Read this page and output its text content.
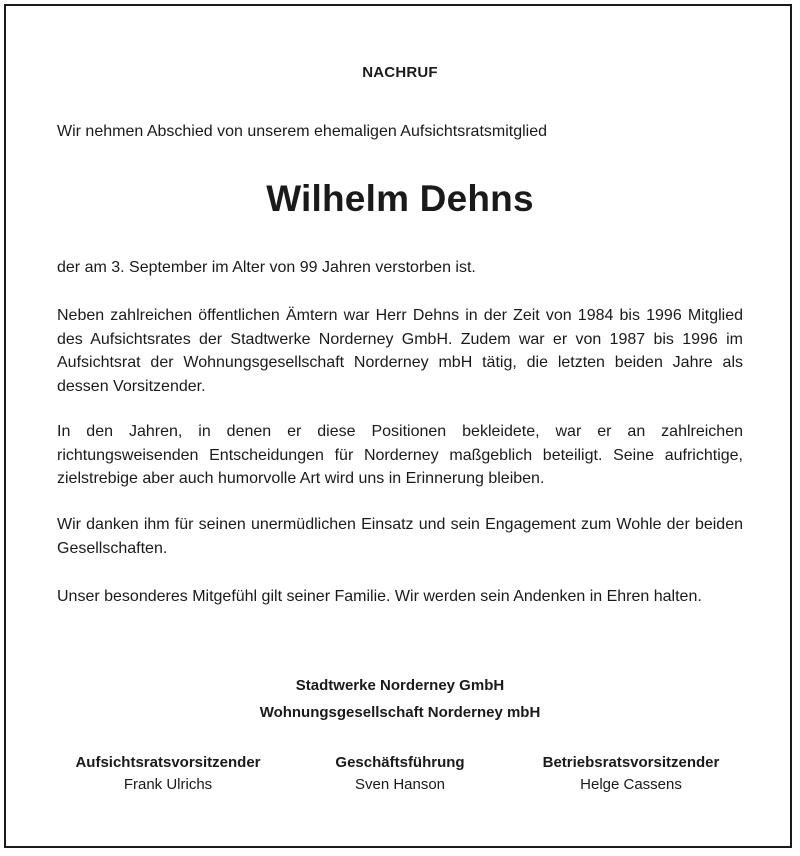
NACHRUF
Wir nehmen Abschied von unserem ehemaligen Aufsichtsratsmitglied
Wilhelm Dehns
der am 3. September im Alter von 99 Jahren verstorben ist.
Neben zahlreichen öffentlichen Ämtern war Herr Dehns in der Zeit von 1984 bis 1996 Mitglied des Aufsichtsrates der Stadtwerke Norderney GmbH. Zudem war er von 1987 bis 1996 im Aufsichtsrat der Wohnungsgesellschaft Norderney mbH tätig, die letzten beiden Jahre als dessen Vorsitzender.
In den Jahren, in denen er diese Positionen bekleidete, war er an zahlreichen richtungsweisenden Entscheidungen für Norderney maßgeblich beteiligt. Seine aufrichtige, zielstrebige aber auch humorvolle Art wird uns in Erinnerung bleiben.
Wir danken ihm für seinen unermüdlichen Einsatz und sein Engagement zum Wohle der beiden Gesellschaften.
Unser besonderes Mitgefühl gilt seiner Familie. Wir werden sein Andenken in Ehren halten.
Stadtwerke Norderney GmbH
Wohnungsgesellschaft Norderney mbH
Aufsichtsratsvorsitzender
Frank Ulrichs
Geschäftsführung
Sven Hanson
Betriebsratsvorsitzender
Helge Cassens
